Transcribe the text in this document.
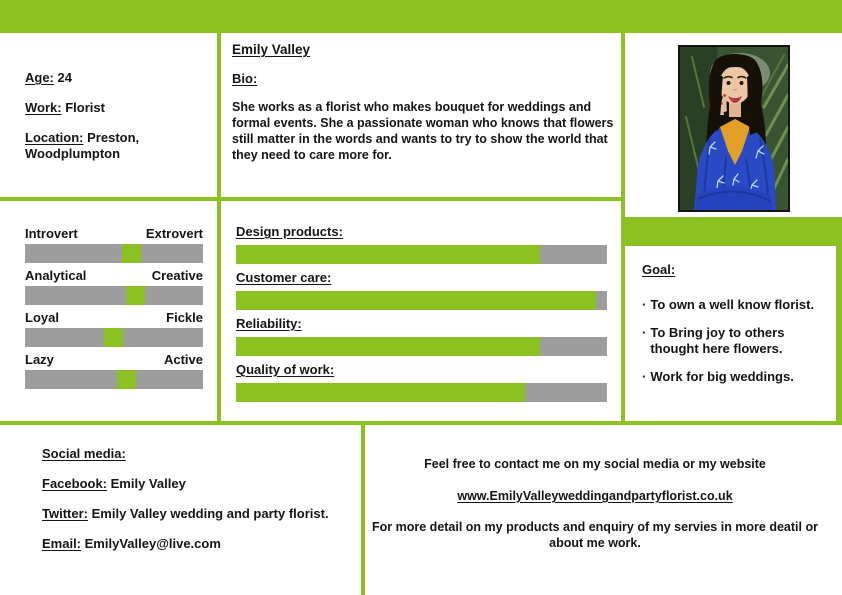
Age: 24

Work: Florist

Location: Preston, Woodplumpton

Emily Valley
Bio:
She works as a florist who makes bouquet for weddings and formal events. She a passionate woman who knows that flowers still matter in the words and wants to try to show the world that they need to care more for.
Introvert	Extrovert
Analytical	Creative
Loyal	Fickle
Lazy	Active
Design products:
Customer care:
Reliability:
Quality of work:
Goal:
· To own a well know florist.
· To Bring joy to others thought here flowers.
· Work for big weddings.

Social media:

Facebook: Emily Valley

Twitter: Emily Valley wedding and party florist.

Email: EmilyValley@live.com

Feel free to contact me on my social media or my website

www.EmilyValleyweddingandpartyflorist.co.uk

For more detail on my products and enquiry of my servies in more deatil or about me work.
